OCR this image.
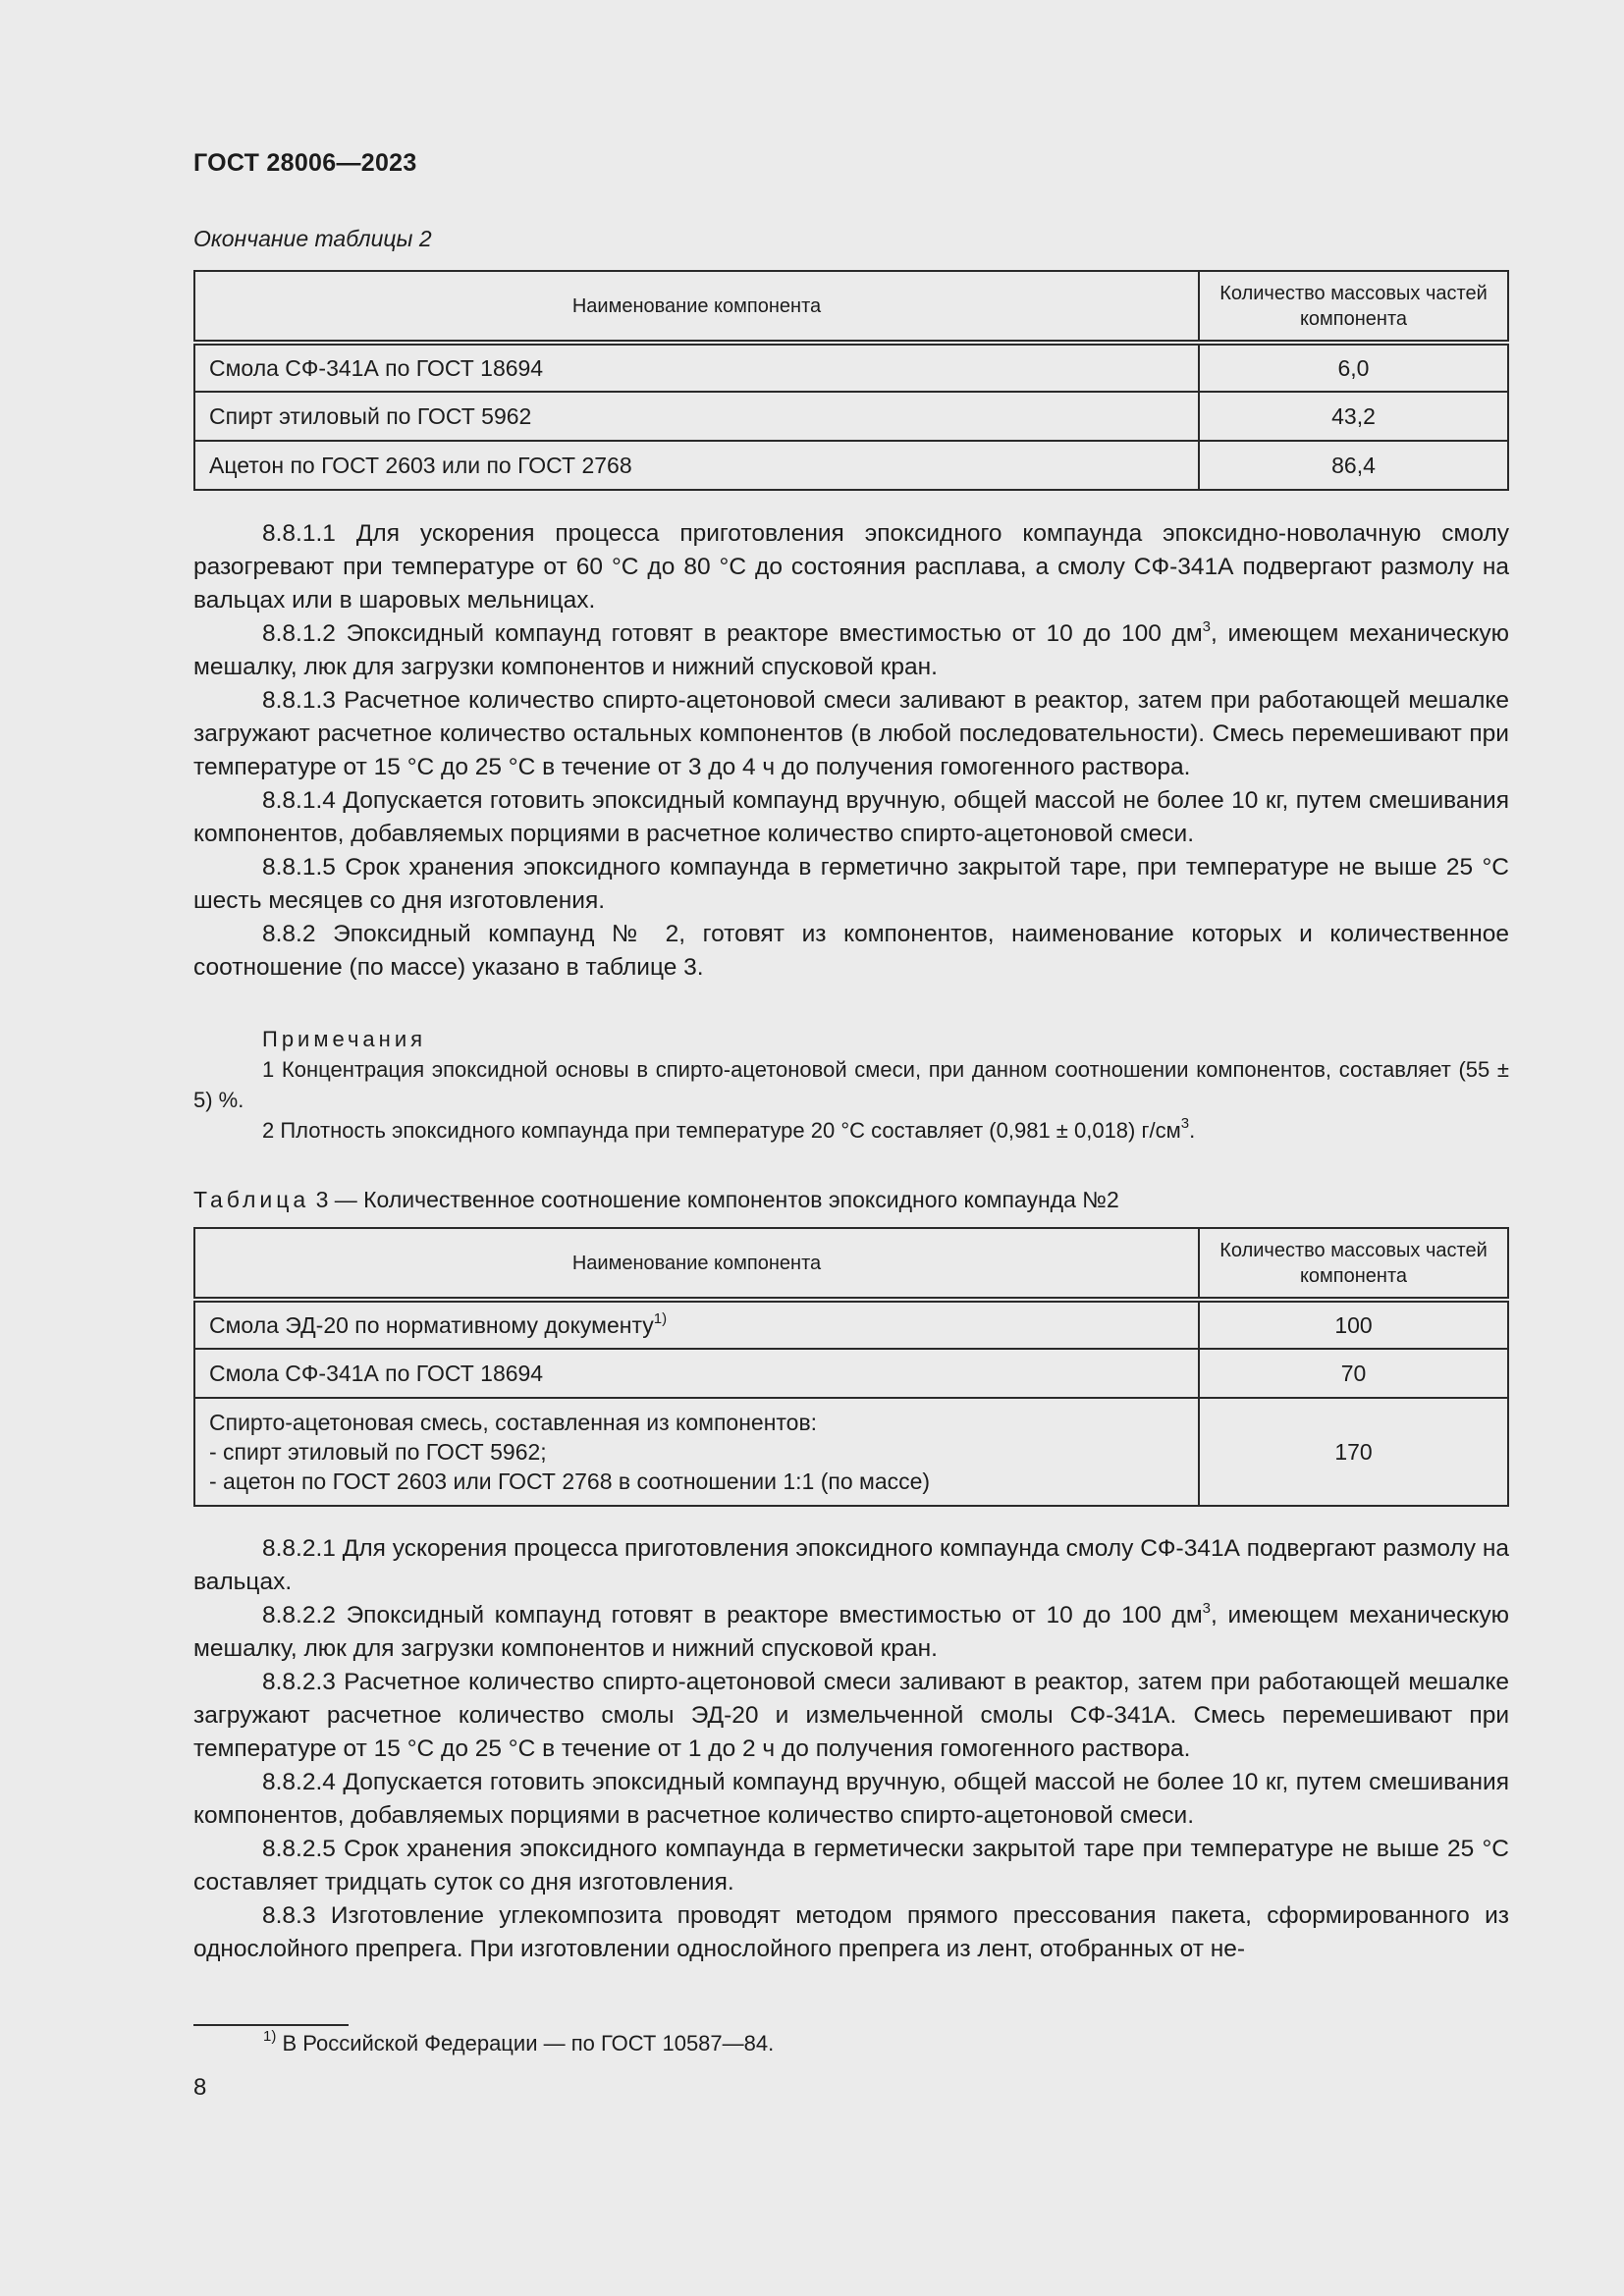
ГОСТ 28006—2023
Окончание таблицы 2
Наименование компонента	Количество массовых частей компонента
Смола СФ-341А по ГОСТ 18694	6,0
Спирт этиловый по ГОСТ 5962	43,2
Ацетон по ГОСТ 2603 или по ГОСТ 2768	86,4

8.8.1.1 Для ускорения процесса приготовления эпоксидного компаунда эпоксидно-новолачную смолу разогревают при температуре от 60 °С до 80 °С до состояния расплава, а смолу СФ-341А подвергают размолу на вальцах или в шаровых мельницах.

8.8.1.2 Эпоксидный компаунд готовят в реакторе вместимостью от 10 до 100 $дм^3$, имеющем механическую мешалку, люк для загрузки компонентов и нижний спусковой кран.

8.8.1.3 Расчетное количество спирто-ацетоновой смеси заливают в реактор, затем при работающей мешалке загружают расчетное количество остальных компонентов (в любой последовательности). Смесь перемешивают при температуре от 15 °С до 25 °С в течение от 3 до 4 ч до получения гомогенного раствора.

8.8.1.4 Допускается готовить эпоксидный компаунд вручную, общей массой не более 10 кг, путем смешивания компонентов, добавляемых порциями в расчетное количество спирто-ацетоновой смеси.

8.8.1.5 Срок хранения эпоксидного компаунда в герметично закрытой таре, при температуре не выше 25 °С шесть месяцев со дня изготовления.

8.8.2 Эпоксидный компаунд № 2, готовят из компонентов, наименование которых и количественное соотношение (по массе) указано в таблице 3.

Примечания

1 Концентрация эпоксидной основы в спирто-ацетоновой смеси, при данном соотношении компонентов, составляет (55 ± 5) %.

2 Плотность эпоксидного компаунда при температуре 20 °С составляет (0,981 ± 0,018) $г/см^3$.

Таблица 3 — Количественное соотношение компонентов эпоксидного компаунда №2
Наименование компонента	Количество массовых частей компонента
Смола ЭД-20 по нормативному документу$^{1)}$	100
Смола СФ-341А по ГОСТ 18694	70

Спирто-ацетоновая смесь, составленная из компонентов:
- спирт этиловый по ГОСТ 5962;
- ацетон по ГОСТ 2603 или ГОСТ 2768 в соотношении 1:1 (по массе)	170

8.8.2.1 Для ускорения процесса приготовления эпоксидного компаунда смолу СФ-341А подвергают размолу на вальцах.

8.8.2.2 Эпоксидный компаунд готовят в реакторе вместимостью от 10 до 100 $дм^3$, имеющем механическую мешалку, люк для загрузки компонентов и нижний спусковой кран.

8.8.2.3 Расчетное количество спирто-ацетоновой смеси заливают в реактор, затем при работающей мешалке загружают расчетное количество смолы ЭД-20 и измельченной смолы СФ-341А. Смесь перемешивают при температуре от 15 °С до 25 °С в течение от 1 до 2 ч до получения гомогенного раствора.

8.8.2.4 Допускается готовить эпоксидный компаунд вручную, общей массой не более 10 кг, путем смешивания компонентов, добавляемых порциями в расчетное количество спирто-ацетоновой смеси.

8.8.2.5 Срок хранения эпоксидного компаунда в герметически закрытой таре при температуре не выше 25 °С составляет тридцать суток со дня изготовления.

8.8.3 Изготовление углекомпозита проводят методом прямого прессования пакета, сформированного из однослойного препрега. При изготовлении однослойного препрега из лент, отобранных от не-

$^{1)}$ В Российской Федерации — по ГОСТ 10587—84.
8
